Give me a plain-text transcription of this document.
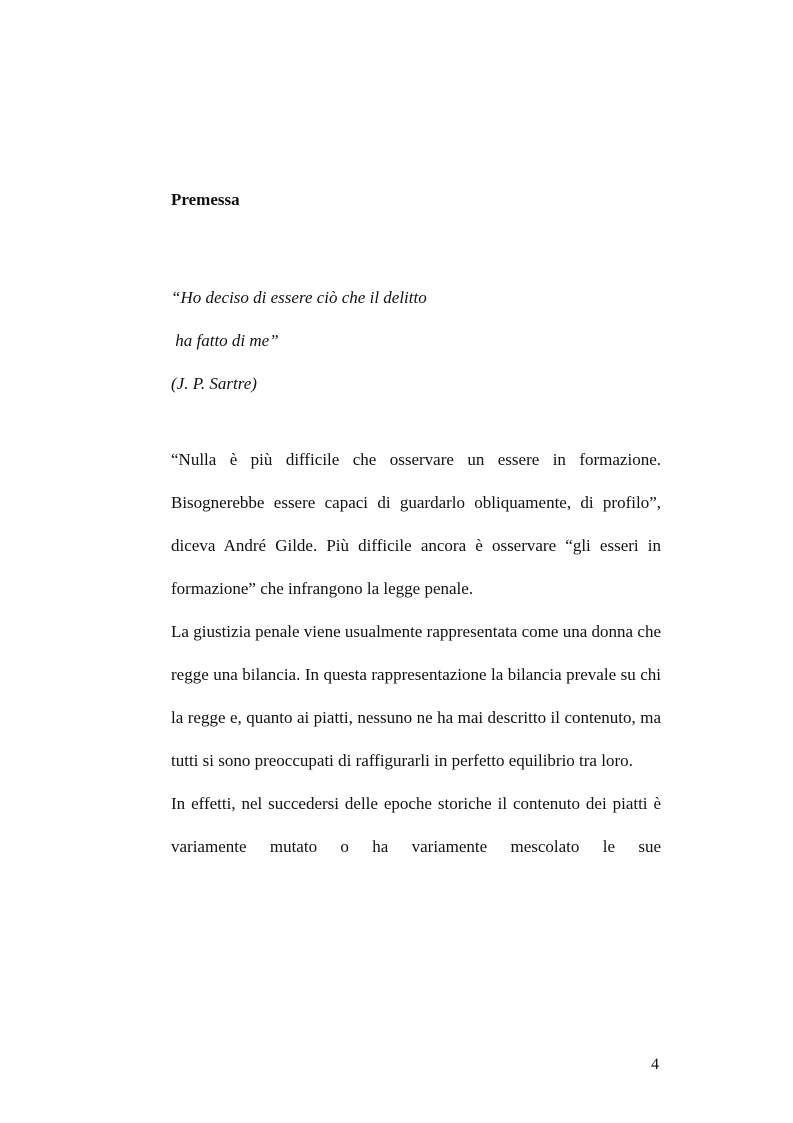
Premessa
“Ho deciso di essere ciò che il delitto
ha fatto di me”
(J. P. Sartre)

“Nulla è più difficile che osservare un essere in formazione. Bisognerebbe essere capaci di guardarlo obliquamente, di profilo”, diceva André Gilde. Più difficile ancora è osservare “gli esseri in formazione” che infrangono la legge penale.

La giustizia penale viene usualmente rappresentata come una donna che regge una bilancia. In questa rappresentazione la bilancia prevale su chi la regge e, quanto ai piatti, nessuno ne ha mai descritto il contenuto, ma tutti si sono preoccupati di raffigurarli in perfetto equilibrio tra loro.

In effetti, nel succedersi delle epoche storiche il contenuto dei piatti è variamente mutato o ha variamente mescolato le sue

4
